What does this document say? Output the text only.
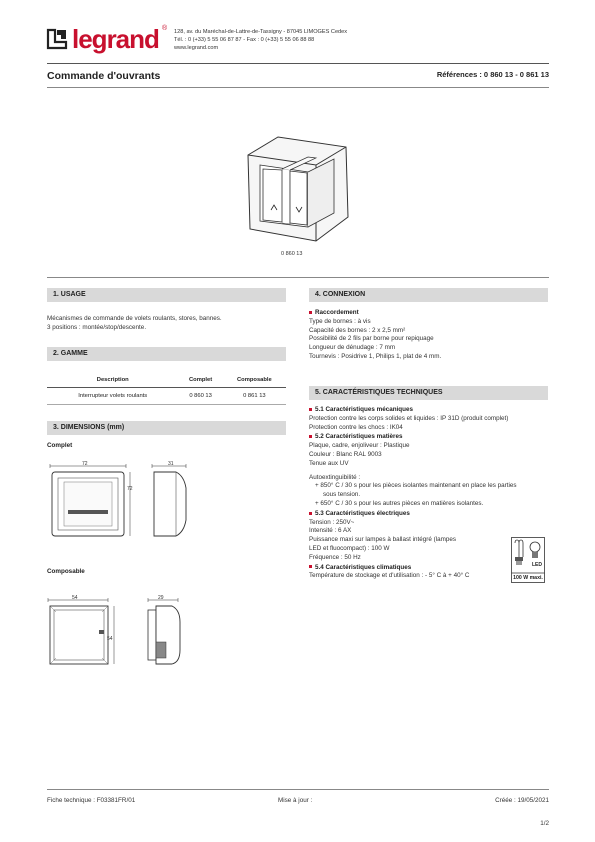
legrand ® 128, av. du Maréchal-de-Lattre-de-Tassigny - 87045 LIMOGES Cedex
Tél. : 0 (+33) 5 55 06 87 87 - Fax : 0 (+33) 5 55 06 88 88
www.legrand.com
Commande d'ouvrants	Références : 0 860 13 - 0 861 13
0 860 13
1. USAGE
Mécanismes de commande de volets roulants, stores, bannes.
3 positions : montée/stop/descente.
2. GAMME
Description	Complet	Composable
Interrupteur volets roulants	0 860 13	0 861 13
3. DIMENSIONS (mm)
Complet
72
72
31
Composable
54
54
29
4. CONNEXION
Raccordement
Type de bornes : à vis
Capacité des bornes : 2 x 2,5 mm²
Possibilité de 2 fils par borne pour repiquage
Longueur de dénudage : 7 mm
Tournevis : Posidrive 1, Philips 1, plat de 4 mm.
5. CARACTÉRISTIQUES TECHNIQUES
5.1 Caractéristiques mécaniques
Protection contre les corps solides et liquides : IP 31D (produit complet)
Protection contre les chocs : IK04
5.2 Caractéristiques matières
Plaque, cadre, enjoliveur : Plastique
Couleur : Blanc RAL 9003
Tenue aux UV
Autoextinguibilité :
+ 850° C / 30 s pour les pièces isolantes maintenant en place les parties
sous tension.
+ 650° C / 30 s pour les autres pièces en matières isolantes.
5.3 Caractéristiques électriques
Tension : 250V~
Intensité : 6 AX
Puissance maxi sur lampes à ballast intégré (lampes
LED et fluocompact) : 100 W
Fréquence : 50 Hz
5.4 Caractéristiques climatiques
Température de stockage et d'utilisation : - 5° C à + 40° C
LED
100 W maxi.
Fiche technique : F03381FR/01	Mise à jour :	Créée : 19/05/2021
1/2
